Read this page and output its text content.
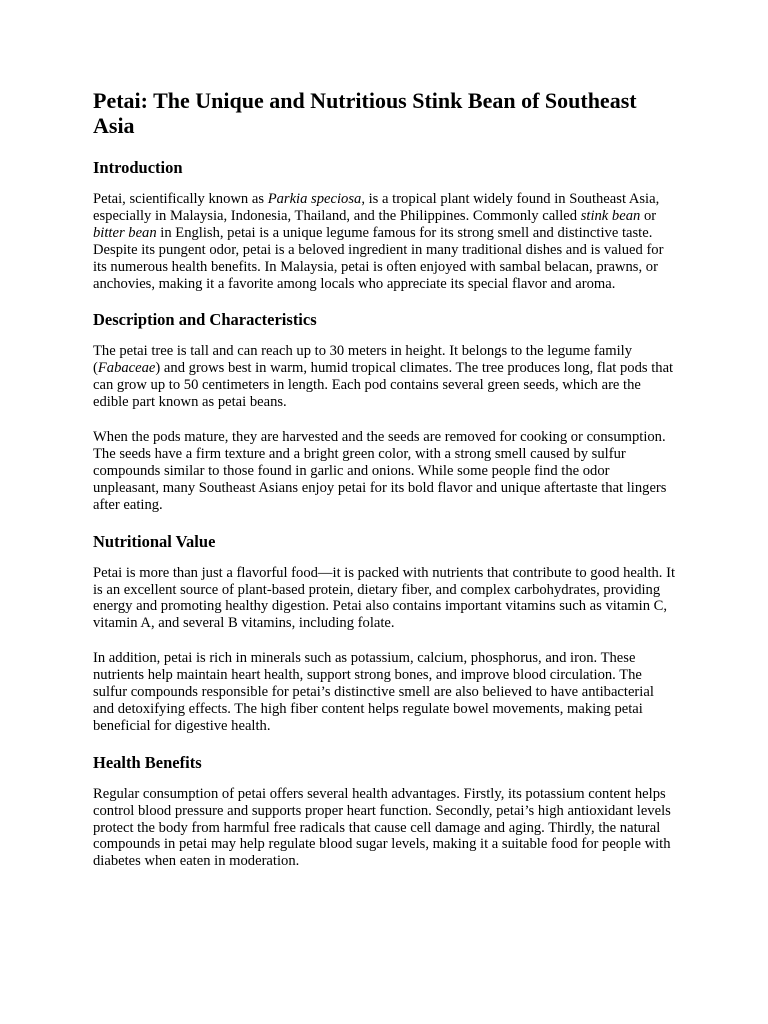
Petai: The Unique and Nutritious Stink Bean of Southeast Asia
Introduction

Petai, scientifically known as Parkia speciosa, is a tropical plant widely found in Southeast Asia, especially in Malaysia, Indonesia, Thailand, and the Philippines. Commonly called stink bean or bitter bean in English, petai is a unique legume famous for its strong smell and distinctive taste. Despite its pungent odor, petai is a beloved ingredient in many traditional dishes and is valued for its numerous health benefits. In Malaysia, petai is often enjoyed with sambal belacan, prawns, or anchovies, making it a favorite among locals who appreciate its special flavor and aroma.

Description and Characteristics

The petai tree is tall and can reach up to 30 meters in height. It belongs to the legume family (Fabaceae) and grows best in warm, humid tropical climates. The tree produces long, flat pods that can grow up to 50 centimeters in length. Each pod contains several green seeds, which are the edible part known as petai beans.

When the pods mature, they are harvested and the seeds are removed for cooking or consumption. The seeds have a firm texture and a bright green color, with a strong smell caused by sulfur compounds similar to those found in garlic and onions. While some people find the odor unpleasant, many Southeast Asians enjoy petai for its bold flavor and unique aftertaste that lingers after eating.

Nutritional Value

Petai is more than just a flavorful food—it is packed with nutrients that contribute to good health. It is an excellent source of plant-based protein, dietary fiber, and complex carbohydrates, providing energy and promoting healthy digestion. Petai also contains important vitamins such as vitamin C, vitamin A, and several B vitamins, including folate.

In addition, petai is rich in minerals such as potassium, calcium, phosphorus, and iron. These nutrients help maintain heart health, support strong bones, and improve blood circulation. The sulfur compounds responsible for petai’s distinctive smell are also believed to have antibacterial and detoxifying effects. The high fiber content helps regulate bowel movements, making petai beneficial for digestive health.

Health Benefits

Regular consumption of petai offers several health advantages. Firstly, its potassium content helps control blood pressure and supports proper heart function. Secondly, petai’s high antioxidant levels protect the body from harmful free radicals that cause cell damage and aging. Thirdly, the natural compounds in petai may help regulate blood sugar levels, making it a suitable food for people with diabetes when eaten in moderation.
